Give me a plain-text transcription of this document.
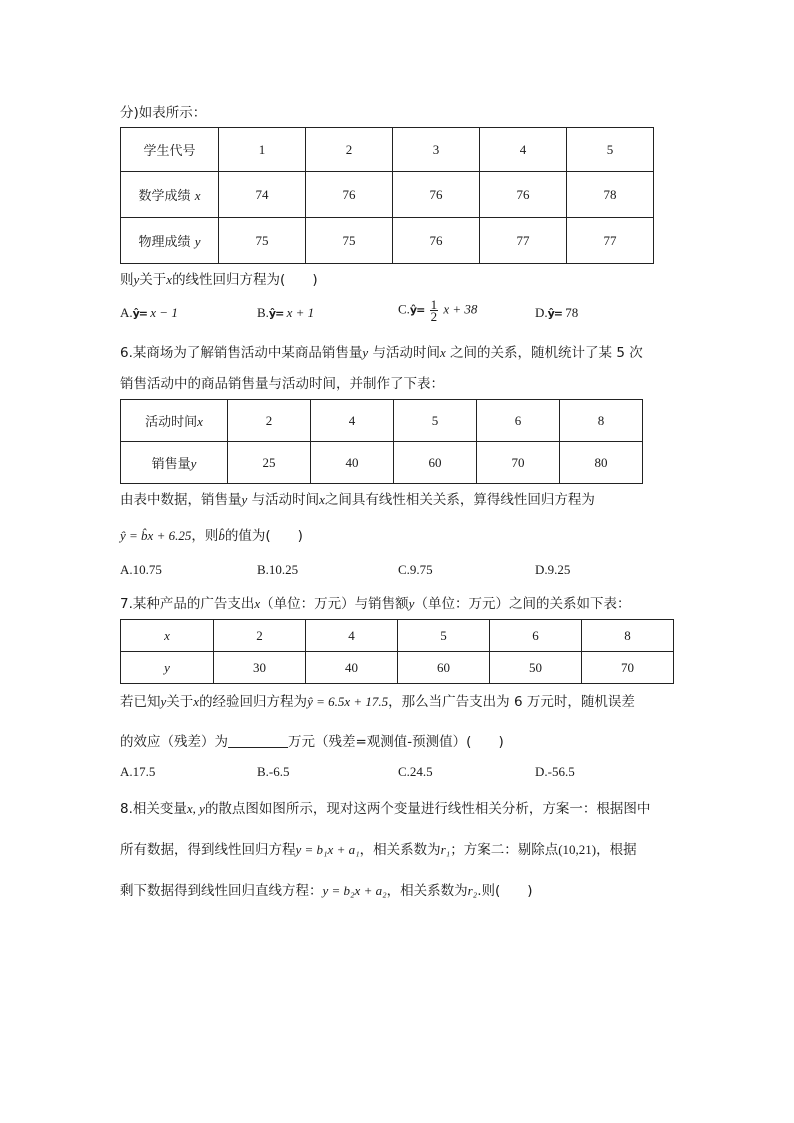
分)如表所示：
学生代号	1	2	3	4	5
数学成绩 x	74	76	76	76	78
物理成绩 y	75	75	76	77	77
则y关于x的线性回归方程为(　　)
A.ŷ= x − 1	B.ŷ= x + 1	C.ŷ= $\frac{1}{2}$ x + 38	D.ŷ= 78
6.某商场为了解销售活动中某商品销售量y 与活动时间x 之间的关系，随机统计了某 5 次
销售活动中的商品销售量与活动时间，并制作了下表：
活动时间x	2	4	5	6	8
销售量y	25	40	60	70	80
由表中数据，销售量y 与活动时间x之间具有线性相关关系，算得线性回归方程为
ŷ = b̂x + 6.25，则b̂的值为(　　)
A.10.75	B.10.25	C.9.75	D.9.25
7.某种产品的广告支出x（单位：万元）与销售额y（单位：万元）之间的关系如下表：
x	2	4	5	6	8
y	30	40	60	50	70
若已知y关于x的经验回归方程为ŷ = 6.5x + 17.5，那么当广告支出为 6 万元时，随机误差
的效应（残差）为	万元（残差=观测值-预测值）(　　)
A.17.5	B.-6.5	C.24.5	D.-56.5
8.相关变量x, y的散点图如图所示，现对这两个变量进行线性相关分析，方案一：根据图中
所有数据，得到线性回归方程y = b₁x + a₁，相关系数为r₁；方案二：剔除点(10,21)，根据
剩下数据得到线性回归直线方程：y = b₂x + a₂，相关系数为r₂.则(　　)
